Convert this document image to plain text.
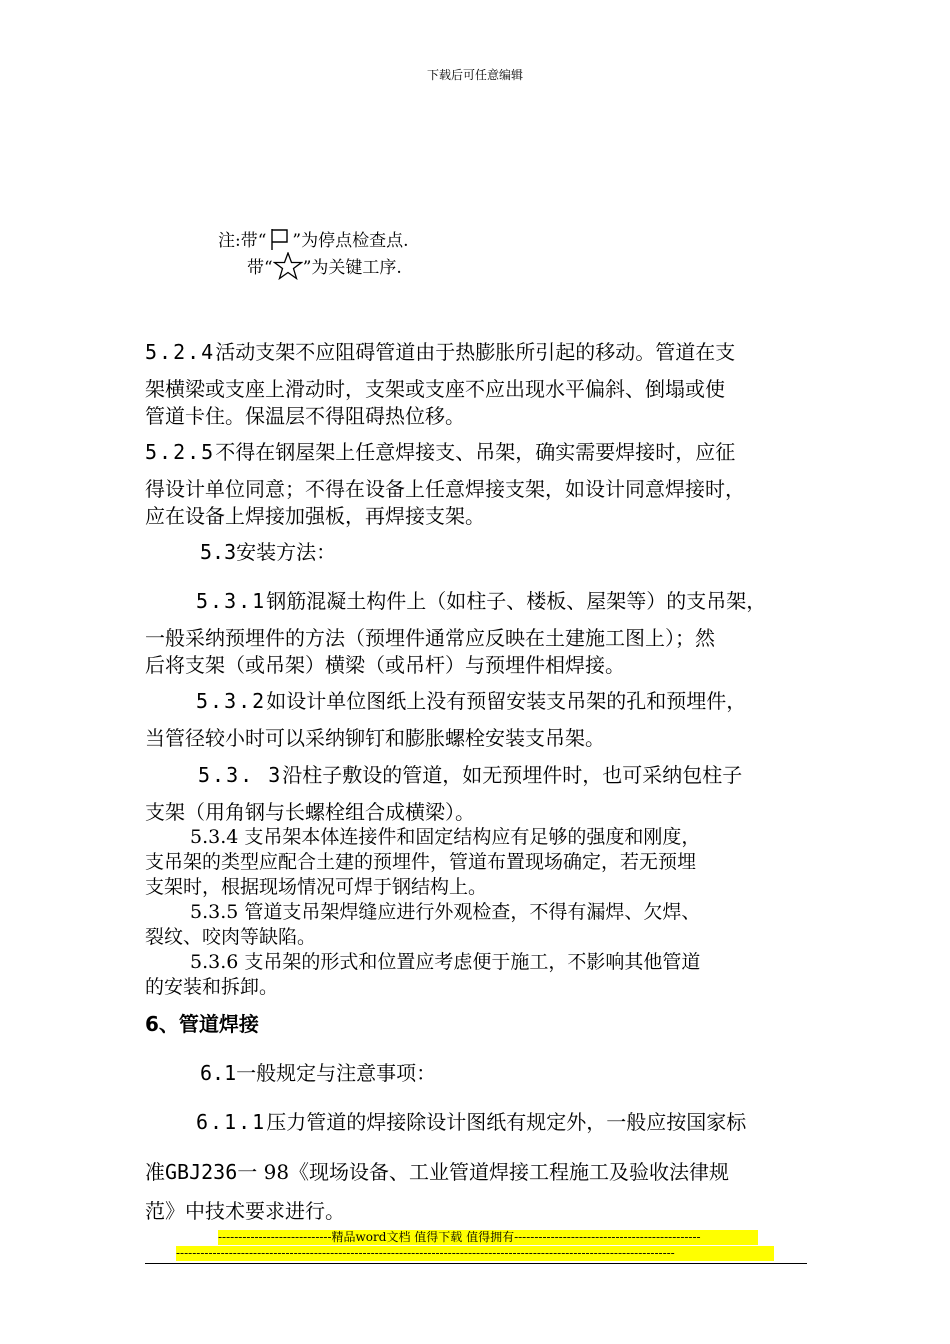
下载后可任意编辑
注:带“ ”为停点检查点.
带“ ”为关键工序.
5.2.4活动支架不应阻碍管道由于热膨胀所引起的移动。管道在支
架横梁或支座上滑动时，支架或支座不应出现水平偏斜、倒塌或使
管道卡住。保温层不得阻碍热位移。
5.2.5不得在钢屋架上任意焊接支、吊架，确实需要焊接时，应征
得设计单位同意；不得在设备上任意焊接支架，如设计同意焊接时，
应在设备上焊接加强板，再焊接支架。
5.3安装方法：
5.3.1钢筋混凝土构件上（如柱子、楼板、屋架等）的支吊架，
一般采纳预埋件的方法（预埋件通常应反映在土建施工图上）；然
后将支架（或吊架）横梁（或吊杆）与预埋件相焊接。
5.3.2如设计单位图纸上没有预留安装支吊架的孔和预埋件，
当管径较小时可以采纳铆钉和膨胀螺栓安装支吊架。
5.3. 3沿柱子敷设的管道，如无预埋件时，也可采纳包柱子
支架（用角钢与长螺栓组合成横梁）。
5.3.4 支吊架本体连接件和固定结构应有足够的强度和刚度，
支吊架的类型应配合土建的预埋件，管道布置现场确定，若无预埋
支架时，根据现场情况可焊于钢结构上。
5.3.5 管道支吊架焊缝应进行外观检查，不得有漏焊、欠焊、
裂纹、咬肉等缺陷。
5.3.6 支吊架的形式和位置应考虑便于施工，不影响其他管道
的安装和拆卸。
6、管道焊接
6.1一般规定与注意事项：
6.1.1压力管道的焊接除设计图纸有规定外，一般应按国家标
准GBJ236一 98《现场设备、工业管道焊接工程施工及验收法律规
范》中技术要求进行。
----------------------------精品word文档 值得下载 值得拥有----------------------------------------------
---------------------------------------------------------------------------------------------------------------------------
